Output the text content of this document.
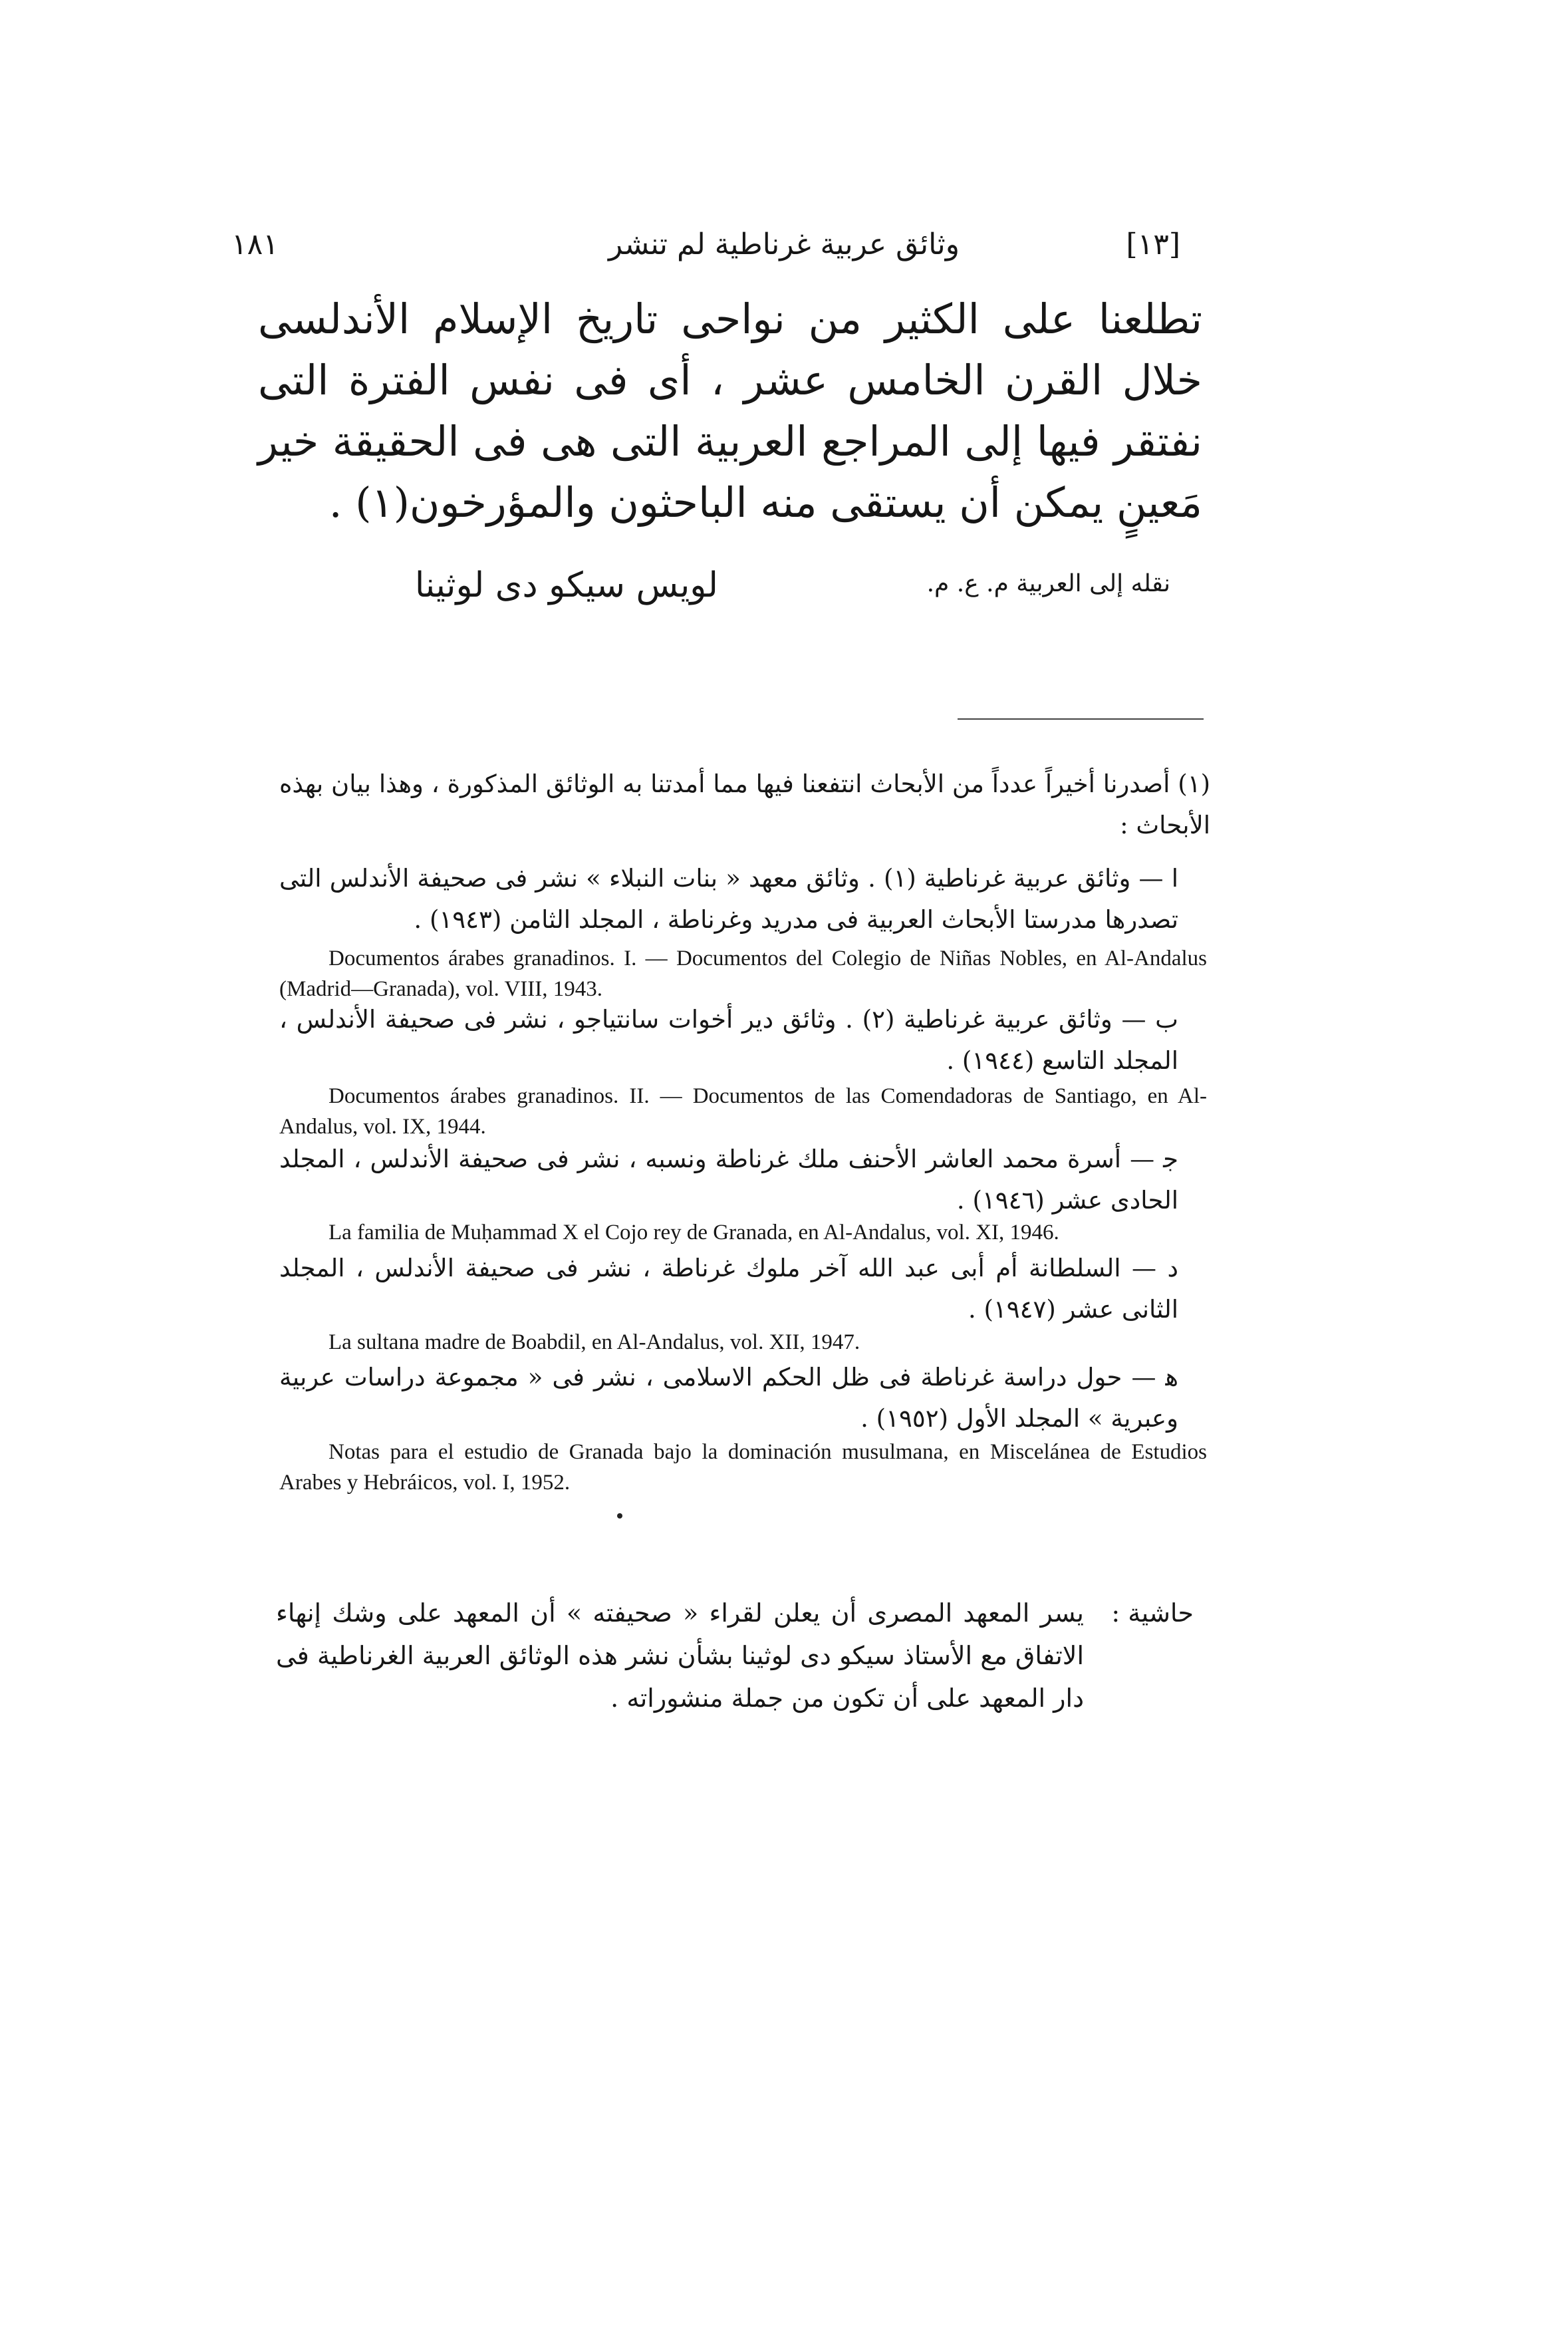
١٨١	وثائق عربية غرناطية لم تنشر	[١٣]
تطلعنا على الكثير من نواحى تاريخ الإسلام الأندلسى خلال القرن الخامس عشر ، أى فى نفس الفترة التى نفتقر فيها إلى المراجع العربية التى هى فى الحقيقة خير مَعينٍ يمكن أن يستقى منه الباحثون والمؤرخون(١) .
نقله إلى العربية م. ع. م.
لويس سيكو دى لوثينا
(١) أصدرنا أخيراً عدداً من الأبحاث انتفعنا فيها مما أمدتنا به الوثائق المذكورة ، وهذا بيان بهذه الأبحاث :
ا — وثائق عربية غرناطية (١) . وثائق معهد « بنات النبلاء » نشر فى صحيفة الأندلس التى تصدرها مدرستا الأبحاث العربية فى مدريد وغرناطة ، المجلد الثامن (١٩٤٣) .
Documentos árabes granadinos. I. — Documentos del Colegio de Niñas Nobles, en Al-Andalus (Madrid—Granada), vol. VIII, 1943.
ب — وثائق عربية غرناطية (٢) . وثائق دير أخوات سانتياجو ، نشر فى صحيفة الأندلس ، المجلد التاسع (١٩٤٤) .
Documentos árabes granadinos. II. — Documentos de las Comendadoras de Santiago, en Al-Andalus, vol. IX, 1944.
ﺟ — أسرة محمد العاشر الأحنف ملك غرناطة ونسبه ، نشر فى صحيفة الأندلس ، المجلد الحادى عشر (١٩٤٦) .
La familia de Muḥammad X el Cojo rey de Granada, en Al-Andalus, vol. XI, 1946.
د — السلطانة أم أبى عبد الله آخر ملوك غرناطة ، نشر فى صحيفة الأندلس ، المجلد الثانى عشر (١٩٤٧) .
La sultana madre de Boabdil, en Al-Andalus, vol. XII, 1947.
ﻫ — حول دراسة غرناطة فى ظل الحكم الاسلامى ، نشر فى « مجموعة دراسات عربية وعبرية » المجلد الأول (١٩٥٢) .
Notas para el estudio de Granada bajo la dominación musulmana, en Miscelánea de Estudios Arabes y Hebráicos, vol. I, 1952.
حاشية :
يسر المعهد المصرى أن يعلن لقراء « صحيفته » أن المعهد على وشك إنهاء الاتفاق مع الأستاذ سيكو دى لوثينا بشأن نشر هذه الوثائق العربية الغرناطية فى دار المعهد على أن تكون من جملة منشوراته .
